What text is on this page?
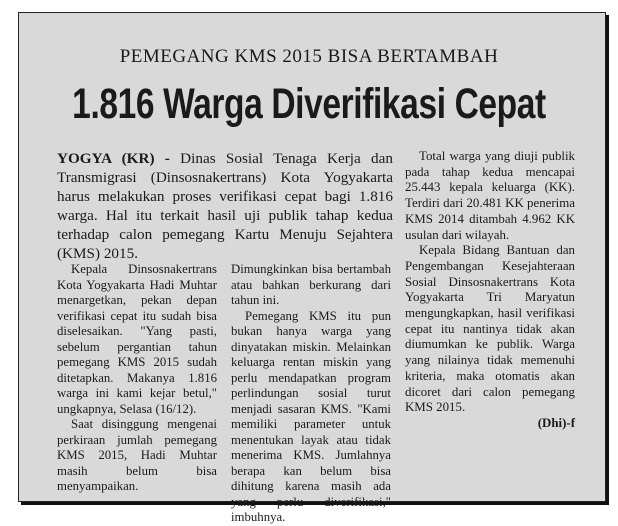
PEMEGANG KMS 2015 BISA BERTAMBAH
1.816 Warga Diverifikasi Cepat
YOGYA (KR) - Dinas Sosial Tenaga Kerja dan Transmigrasi (Dinsosnakertrans) Kota Yogyakarta harus melakukan proses verifikasi cepat bagi 1.816 warga. Hal itu terkait hasil uji publik tahap kedua terhadap calon pemegang Kartu Menuju Sejahtera (KMS) 2015.

Kepala Dinsosnakertrans Kota Yogyakarta Hadi Muhtar menargetkan, pekan depan verifikasi cepat itu sudah bisa diselesaikan. "Yang pasti, sebelum pergantian tahun pemegang KMS 2015 sudah ditetapkan. Makanya 1.816 warga ini kami kejar betul," ungkapnya, Selasa (16/12).

Saat disinggung mengenai perkiraan jumlah pemegang KMS 2015, Hadi Muhtar masih belum bisa menyampaikan.

Dimungkinkan bisa bertambah atau bahkan berkurang dari tahun ini.

Pemegang KMS itu pun bukan hanya warga yang dinyatakan miskin. Melainkan keluarga rentan miskin yang perlu mendapatkan program perlindungan sosial turut menjadi sasaran KMS. "Kami memiliki parameter untuk menentukan layak atau tidak menerima KMS. Jumlahnya berapa kan belum bisa dihitung karena masih ada yang perlu diverifikasi," imbuhnya.

Total warga yang diuji publik pada tahap kedua mencapai 25.443 kepala keluarga (KK). Terdiri dari 20.481 KK penerima KMS 2014 ditambah 4.962 KK usulan dari wilayah.

Kepala Bidang Bantuan dan Pengembangan Kesejahteraan Sosial Dinsosnakertrans Kota Yogyakarta Tri Maryatun mengungkapkan, hasil verifikasi cepat itu nantinya tidak akan diumumkan ke publik. Warga yang nilainya tidak memenuhi kriteria, maka otomatis akan dicoret dari calon pemegang KMS 2015.

(Dhi)-f
